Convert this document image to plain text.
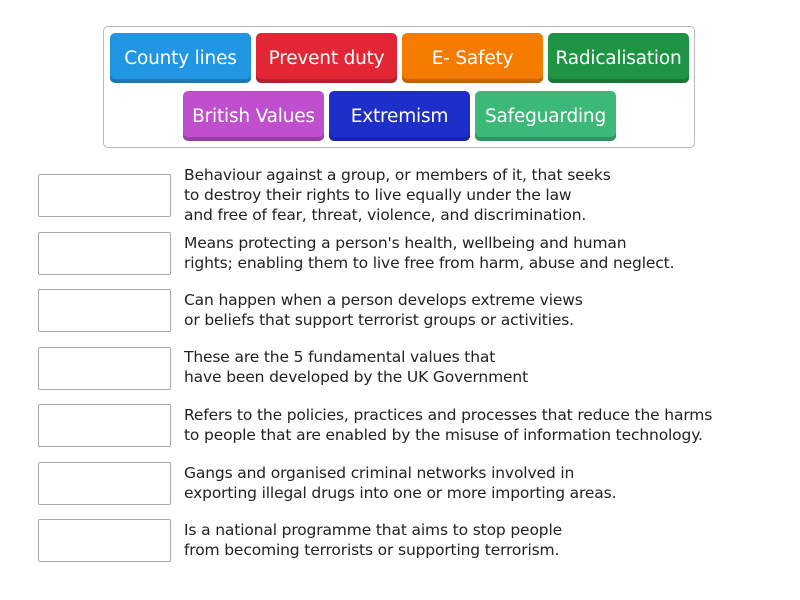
County lines	Prevent duty	E- Safety	Radicalisation
British Values	Extremism	Safeguarding
Behaviour against a group, or members of it, that seeks
to destroy their rights to live equally under the law
and free of fear, threat, violence, and discrimination.
Means protecting a person's health, wellbeing and human
rights; enabling them to live free from harm, abuse and neglect.
Can happen when a person develops extreme views
or beliefs that support terrorist groups or activities.
These are the 5 fundamental values that
have been developed by the UK Government
Refers to the policies, practices and processes that reduce the harms
to people that are enabled by the misuse of information technology.
Gangs and organised criminal networks involved in
exporting illegal drugs into one or more importing areas.
Is a national programme that aims to stop people
from becoming terrorists or supporting terrorism.
